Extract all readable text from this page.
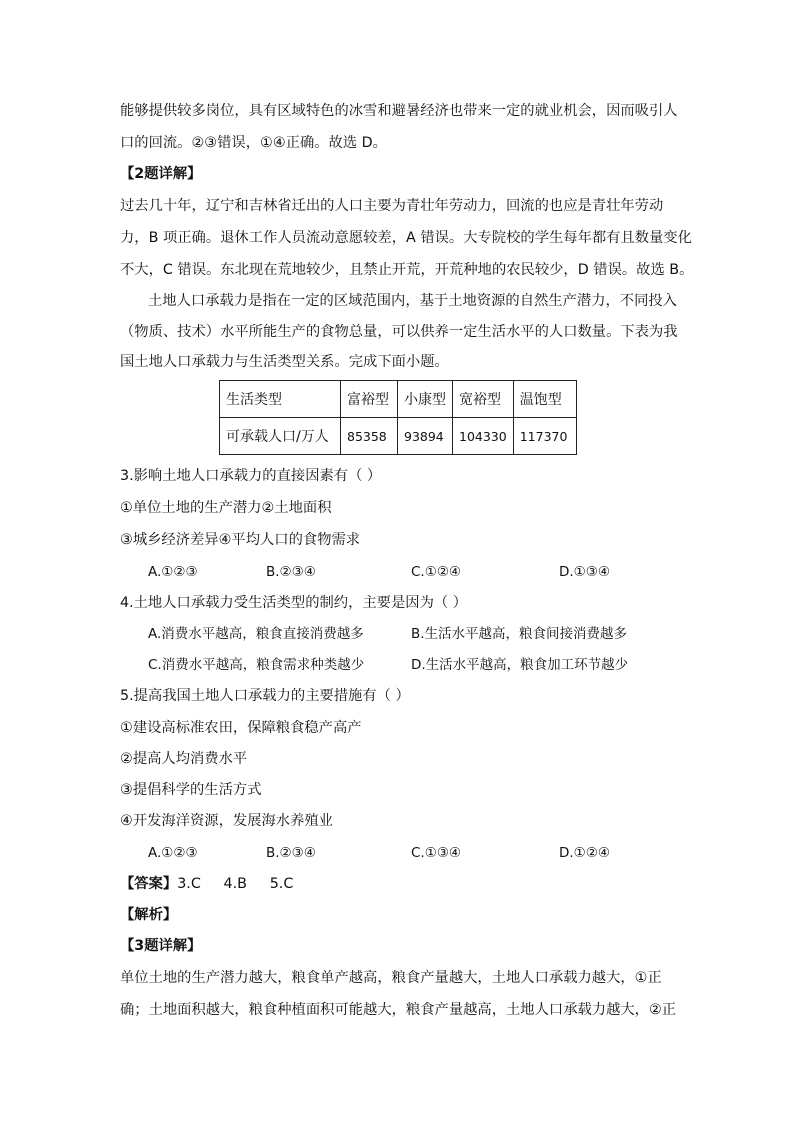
能够提供较多岗位，具有区域特色的冰雪和避暑经济也带来一定的就业机会，因而吸引人
口的回流。②③错误，①④正确。故选 D。
【2题详解】
过去几十年，辽宁和吉林省迁出的人口主要为青壮年劳动力，回流的也应是青壮年劳动
力，B 项正确。退休工作人员流动意愿较差，A 错误。大专院校的学生每年都有且数量变化
不大，C 错误。东北现在荒地较少，且禁止开荒，开荒种地的农民较少，D 错误。故选 B。
土地人口承载力是指在一定的区域范围内，基于土地资源的自然生产潜力，不同投入
（物质、技术）水平所能生产的食物总量，可以供养一定生活水平的人口数量。下表为我
国土地人口承载力与生活类型关系。完成下面小题。
生活类型	富裕型	小康型	宽裕型	温饱型
可承载人口/万人	85358	93894	104330	117370
3.影响土地人口承载力的直接因素有（ ）
①单位土地的生产潜力②土地面积
③城乡经济差异④平均人口的食物需求
A.①②③	B.②③④	C.①②④	D.①③④
4.土地人口承载力受生活类型的制约，主要是因为（ ）
A.消费水平越高，粮食直接消费越多	B.生活水平越高，粮食间接消费越多
C.消费水平越高，粮食需求种类越少	D.生活水平越高，粮食加工环节越少
5.提高我国土地人口承载力的主要措施有（ ）
①建设高标准农田，保障粮食稳产高产
②提高人均消费水平
③提倡科学的生活方式
④开发海洋资源，发展海水养殖业
A.①②③	B.②③④	C.①③④	D.①②④
【答案】3.C     4.B     5.C
【解析】
【3题详解】
单位土地的生产潜力越大，粮食单产越高，粮食产量越大，土地人口承载力越大，①正
确；土地面积越大，粮食种植面积可能越大，粮食产量越高，土地人口承载力越大，②正
